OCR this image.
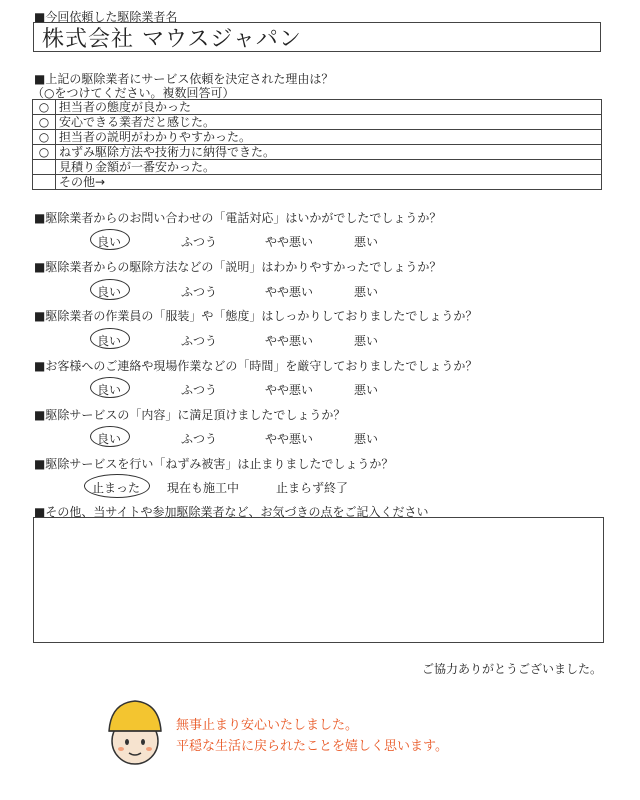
■今回依頼した駆除業者名
株式会社 マウスジャパン
■上記の駆除業者にサービス依頼を決定された理由は？
（○をつけてください。複数回答可）
○	担当者の態度が良かった
○	安心できる業者だと感じた。
○	担当者の説明がわかりやすかった。
○	ねずみ駆除方法や技術力に納得できた。
	見積り金額が一番安かった。
	その他→
■駆除業者からのお問い合わせの「電話対応」はいかがでしたでしょうか？
良い	ふつう	やや悪い	悪い
■駆除業者からの駆除方法などの「説明」はわかりやすかったでしょうか？
良い	ふつう	やや悪い	悪い
■駆除業者の作業員の「服装」や「態度」はしっかりしておりましたでしょうか？
良い	ふつう	やや悪い	悪い
■お客様へのご連絡や現場作業などの「時間」を厳守しておりましたでしょうか？
良い	ふつう	やや悪い	悪い
■駆除サービスの「内容」に満足頂けましたでしょうか？
良い	ふつう	やや悪い	悪い
■駆除サービスを行い「ねずみ被害」は止まりましたでしょうか？
止まった 現在も施工中	止まらず終了
■その他、当サイトや参加駆除業者など、お気づきの点をご記入ください
ご協力ありがとうございました。
無事止まり安心いたしました。
平穏な生活に戻られたことを嬉しく思います。
